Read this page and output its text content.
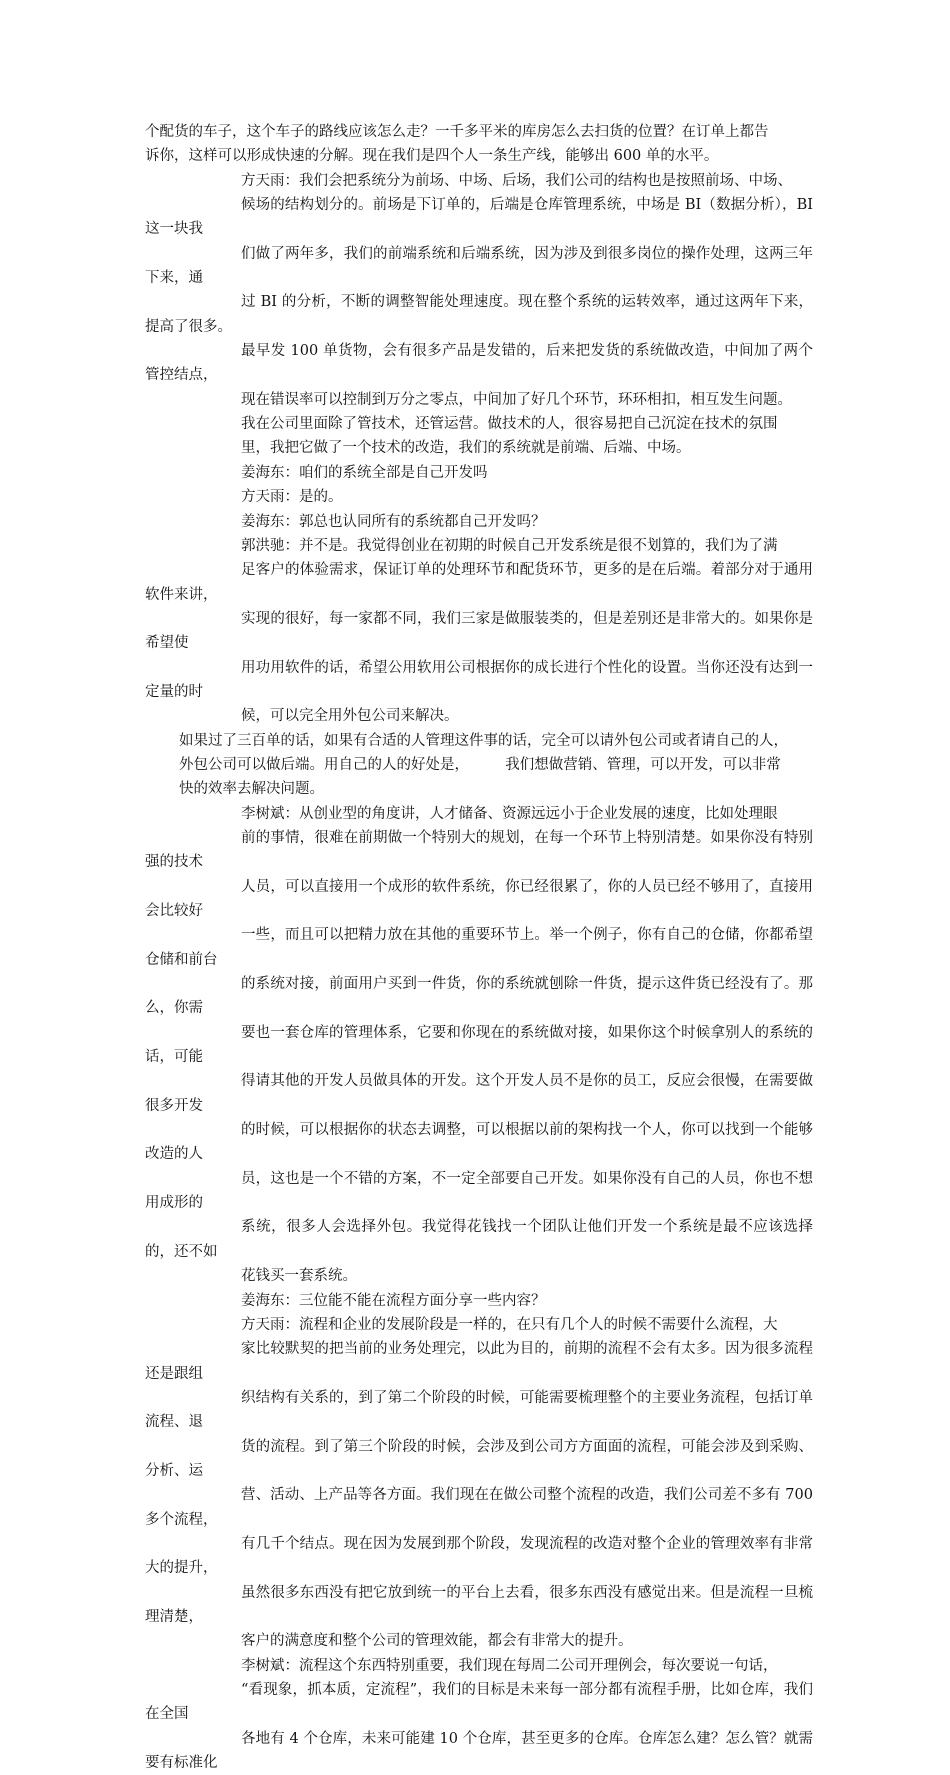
个配货的车子，这个车子的路线应该怎么走？一千多平米的库房怎么去扫货的位置？在订单上都告
诉你，这样可以形成快速的分解。现在我们是四个人一条生产线，能够出 600 单的水平。

方天雨：我们会把系统分为前场、中场、后场，我们公司的结构也是按照前场、中场、
候场的结构划分的。前场是下订单的，后端是仓库管理系统，中场是 BI（数据分析），BI 这一块我
们做了两年多，我们的前端系统和后端系统，因为涉及到很多岗位的操作处理，这两三年下来，通
过 BI 的分析，不断的调整智能处理速度。现在整个系统的运转效率，通过这两年下来，提高了很多。
最早发 100 单货物，会有很多产品是发错的，后来把发货的系统做改造，中间加了两个管控结点，
现在错误率可以控制到万分之零点，中间加了好几个环节，环环相扣，相互发生问题。

我在公司里面除了管技术，还管运营。做技术的人，很容易把自己沉淀在技术的氛围
里，我把它做了一个技术的改造，我们的系统就是前端、后端、中场。

姜海东：咱们的系统全部是自己开发吗

方天雨：是的。

姜海东：郭总也认同所有的系统都自己开发吗？

郭洪驰：并不是。我觉得创业在初期的时候自己开发系统是很不划算的，我们为了满
足客户的体验需求，保证订单的处理环节和配货环节，更多的是在后端。着部分对于通用软件来讲，
实现的很好，每一家都不同，我们三家是做服装类的，但是差别还是非常大的。如果你是希望使
用功用软件的话，希望公用软用公司根据你的成长进行个性化的设置。当你还没有达到一定量的时
候，可以完全用外包公司来解决。

如果过了三百单的话，如果有合适的人管理这件事的话，完全可以请外包公司或者请自己的人，
外包公司可以做后端。用自己的人的好处是，　　　我们想做营销、管理，可以开发，可以非常
快的效率去解决问题。

李树斌：从创业型的角度讲，人才储备、资源远远小于企业发展的速度，比如处理眼
前的事情，很难在前期做一个特别大的规划，在每一个环节上特别清楚。如果你没有特别强的技术
人员，可以直接用一个成形的软件系统，你已经很累了，你的人员已经不够用了，直接用会比较好
一些，而且可以把精力放在其他的重要环节上。举一个例子，你有自己的仓储，你都希望仓储和前台
的系统对接，前面用户买到一件货，你的系统就刨除一件货，提示这件货已经没有了。那么，你需
要也一套仓库的管理体系，它要和你现在的系统做对接，如果你这个时候拿别人的系统的话，可能
得请其他的开发人员做具体的开发。这个开发人员不是你的员工，反应会很慢，在需要做很多开发
的时候，可以根据你的状态去调整，可以根据以前的架构找一个人，你可以找到一个能够改造的人
员，这也是一个不错的方案，不一定全部要自己开发。如果你没有自己的人员，你也不想用成形的
系统，很多人会选择外包。我觉得花钱找一个团队让他们开发一个系统是最不应该选择的，还不如
花钱买一套系统。

姜海东：三位能不能在流程方面分享一些内容？

方天雨：流程和企业的发展阶段是一样的，在只有几个人的时候不需要什么流程，大
家比较默契的把当前的业务处理完，以此为目的，前期的流程不会有太多。因为很多流程还是跟组
织结构有关系的，到了第二个阶段的时候，可能需要梳理整个的主要业务流程，包括订单流程、退
货的流程。到了第三个阶段的时候，会涉及到公司方方面面的流程，可能会涉及到采购、分析、运
营、活动、上产品等各方面。我们现在在做公司整个流程的改造，我们公司差不多有 700 多个流程，
有几千个结点。现在因为发展到那个阶段，发现流程的改造对整个企业的管理效率有非常大的提升，
虽然很多东西没有把它放到统一的平台上去看，很多东西没有感觉出来。但是流程一旦梳理清楚，
客户的满意度和整个公司的管理效能，都会有非常大的提升。

李树斌：流程这个东西特别重要，我们现在每周二公司开理例会，每次要说一句话，
“看现象，抓本质，定流程”，我们的目标是未来每一部分都有流程手册，比如仓库，我们在全国
各地有 4 个仓库，未来可能建 10 个仓库，甚至更多的仓库。仓库怎么建？怎么管？就需要有标准化
